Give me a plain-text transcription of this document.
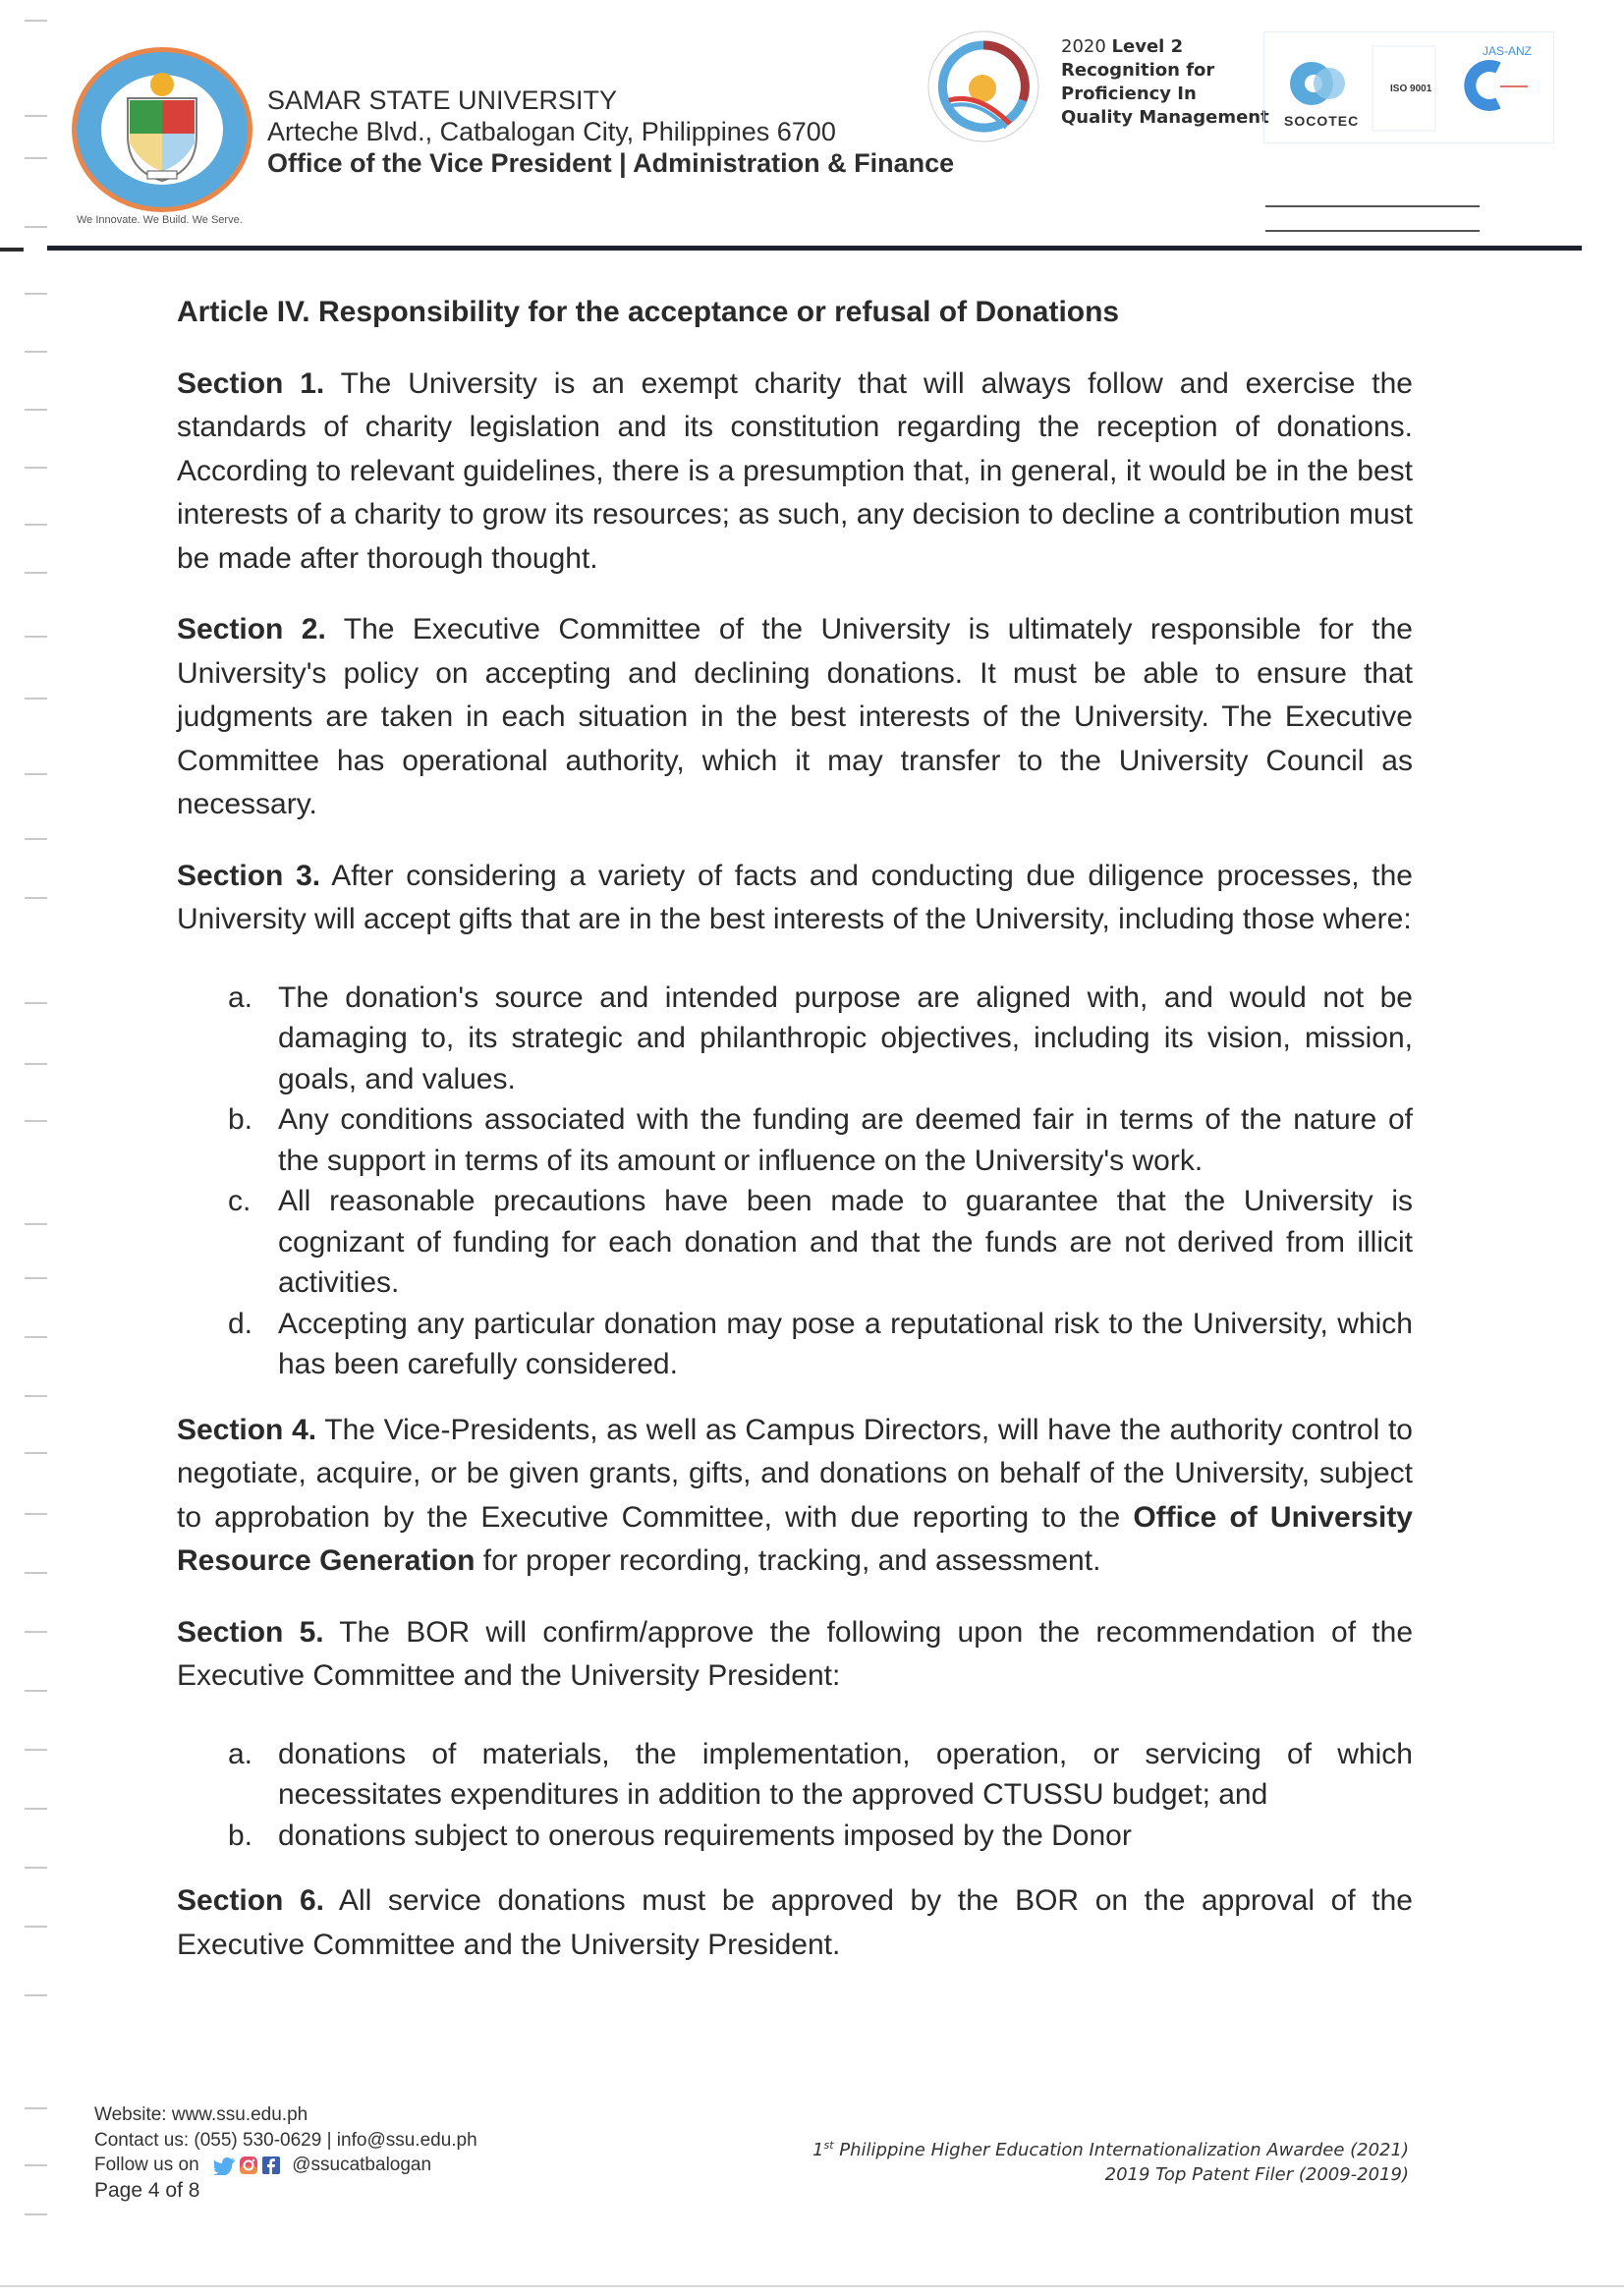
We Innovate. We Build. We Serve.
SAMAR STATE UNIVERSITY
Arteche Blvd., Catbalogan City, Philippines 6700
Office of the Vice President | Administration & Finance
2020 Level 2
Recognition for
Proficiency In
Quality Management SOCOTEC
ISO 9001
JAS-ANZ
Article IV. Responsibility for the acceptance or refusal of Donations

Section 1. The University is an exempt charity that will always follow and exercise the standards of charity legislation and its constitution regarding the reception of donations. According to relevant guidelines, there is a presumption that, in general, it would be in the best interests of a charity to grow its resources; as such, any decision to decline a contribution must be made after thorough thought.

Section 2. The Executive Committee of the University is ultimately responsible for the University's policy on accepting and declining donations. It must be able to ensure that judgments are taken in each situation in the best interests of the University. The Executive Committee has operational authority, which it may transfer to the University Council as necessary.

Section 3. After considering a variety of facts and conducting due diligence processes, the University will accept gifts that are in the best interests of the University, including those where:

a. The donation's source and intended purpose are aligned with, and would not be damaging to, its strategic and philanthropic objectives, including its vision, mission, goals, and values.
b. Any conditions associated with the funding are deemed fair in terms of the nature of the support in terms of its amount or influence on the University's work.
c. All reasonable precautions have been made to guarantee that the University is cognizant of funding for each donation and that the funds are not derived from illicit activities.
d. Accepting any particular donation may pose a reputational risk to the University, which has been carefully considered.

Section 4. The Vice-Presidents, as well as Campus Directors, will have the authority control to negotiate, acquire, or be given grants, gifts, and donations on behalf of the University, subject to approbation by the Executive Committee, with due reporting to the Office of University Resource Generation for proper recording, tracking, and assessment.

Section 5. The BOR will confirm/approve the following upon the recommendation of the Executive Committee and the University President:

a. donations of materials, the implementation, operation, or servicing of which necessitates expenditures in addition to the approved CTUSSU budget; and
b. donations subject to onerous requirements imposed by the Donor

Section 6. All service donations must be approved by the BOR on the approval of the Executive Committee and the University President.

Website: www.ssu.edu.ph
Contact us: (055) 530-0629 | info@ssu.edu.ph
Follow us on	@ssucatbalogan
Page 4 of 8
1st Philippine Higher Education Internationalization Awardee (2021)
2019 Top Patent Filer (2009-2019)
